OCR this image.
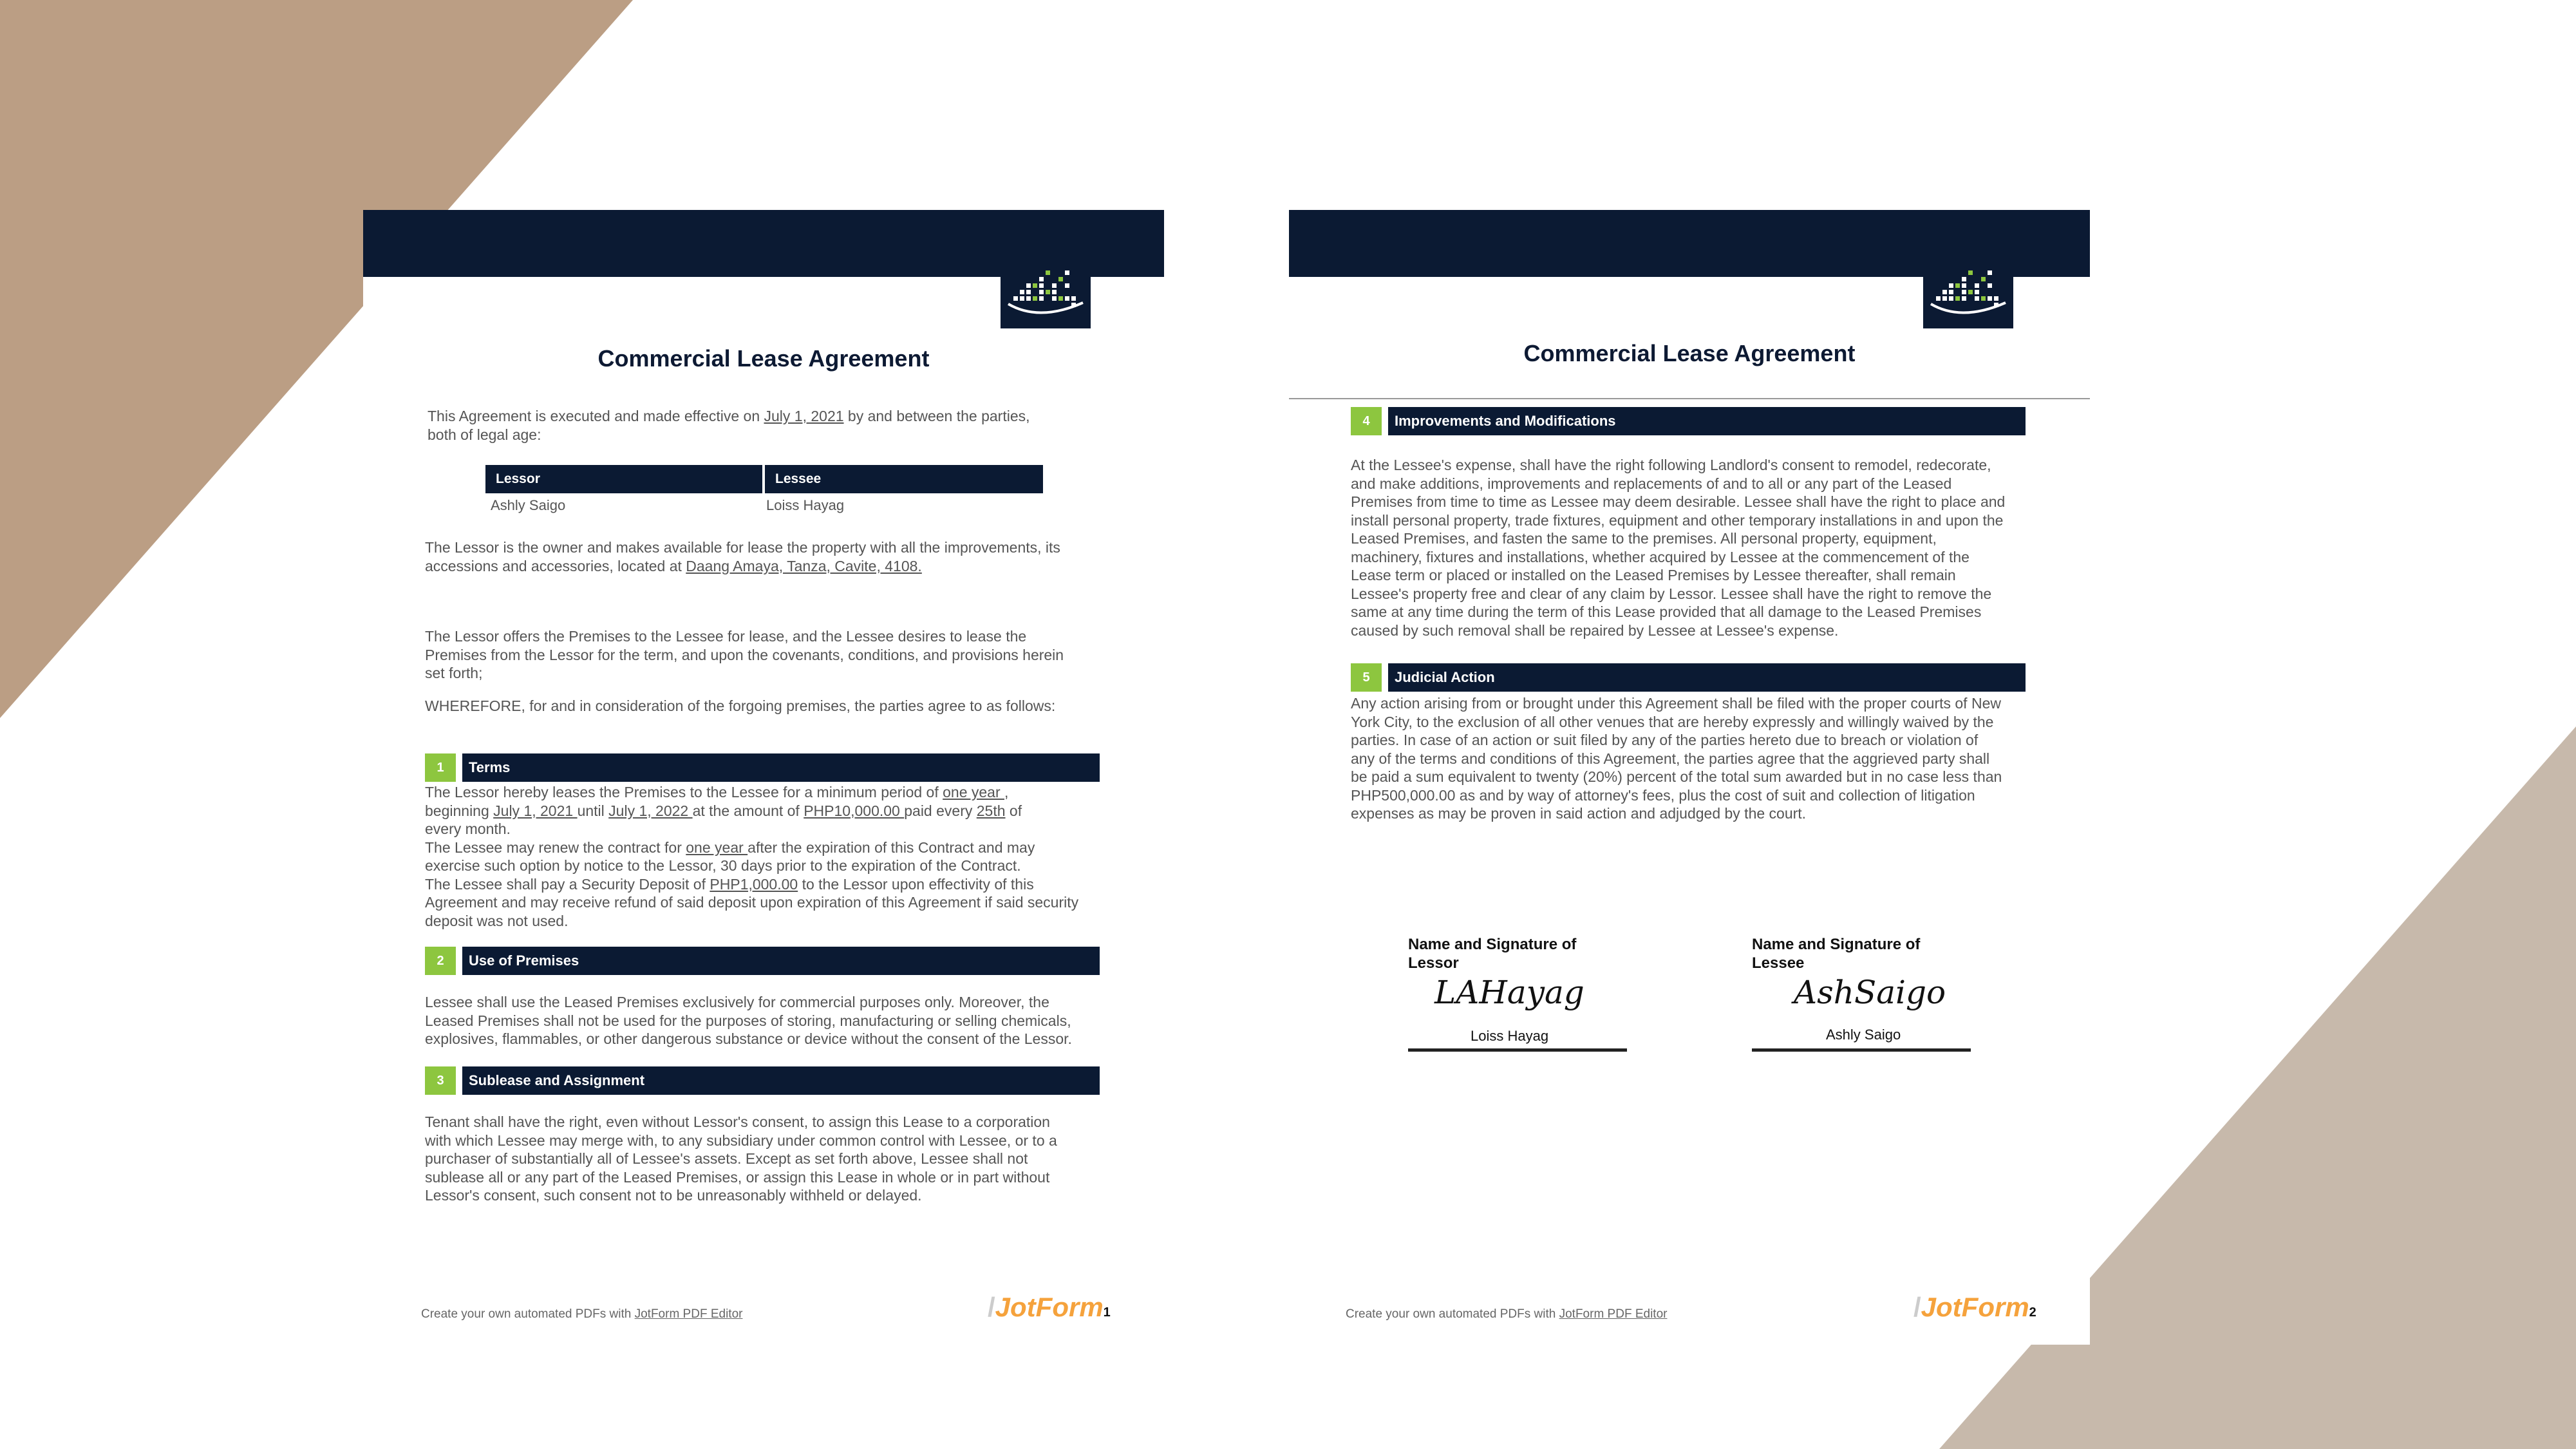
Commercial Lease Agreement
This Agreement is executed and made effective on July 1, 2021 by and between the parties,
both of legal age:
Lessor	Lessee
Ashly Saigo	Loiss Hayag
The Lessor is the owner and makes available for lease the property with all the improvements, its
accessions and accessories, located at Daang Amaya, Tanza, Cavite, 4108.
The Lessor offers the Premises to the Lessee for lease, and the Lessee desires to lease the
Premises from the Lessor for the term, and upon the covenants, conditions, and provisions herein
set forth;
WHEREFORE, for and in consideration of the forgoing premises, the parties agree to as follows:
1	Terms
The Lessor hereby leases the Premises to the Lessee for a minimum period of one year ,
beginning July 1, 2021 until July 1, 2022 at the amount of PHP10,000.00 paid every 25th of
every month.
The Lessee may renew the contract for one year after the expiration of this Contract and may
exercise such option by notice to the Lessor, 30 days prior to the expiration of the Contract.
The Lessee shall pay a Security Deposit of PHP1,000.00 to the Lessor upon effectivity of this
Agreement and may receive refund of said deposit upon expiration of this Agreement if said security
deposit was not used.
2	Use of Premises
Lessee shall use the Leased Premises exclusively for commercial purposes only. Moreover, the
Leased Premises shall not be used for the purposes of storing, manufacturing or selling chemicals,
explosives, flammables, or other dangerous substance or device without the consent of the Lessor.
3	Sublease and Assignment
Tenant shall have the right, even without Lessor's consent, to assign this Lease to a corporation
with which Lessee may merge with, to any subsidiary under common control with Lessee, or to a
purchaser of substantially all of Lessee's assets. Except as set forth above, Lessee shall not
sublease all or any part of the Leased Premises, or assign this Lease in whole or in part without
Lessor's consent, such consent not to be unreasonably withheld or delayed.
Create your own automated PDFs with JotForm PDF Editor	/JotForm1
Commercial Lease Agreement
4	Improvements and Modifications
At the Lessee's expense, shall have the right following Landlord's consent to remodel, redecorate,
and make additions, improvements and replacements of and to all or any part of the Leased
Premises from time to time as Lessee may deem desirable. Lessee shall have the right to place and
install personal property, trade fixtures, equipment and other temporary installations in and upon the
Leased Premises, and fasten the same to the premises. All personal property, equipment,
machinery, fixtures and installations, whether acquired by Lessee at the commencement of the
Lease term or placed or installed on the Leased Premises by Lessee thereafter, shall remain
Lessee's property free and clear of any claim by Lessor. Lessee shall have the right to remove the
same at any time during the term of this Lease provided that all damage to the Leased Premises
caused by such removal shall be repaired by Lessee at Lessee's expense.
5	Judicial Action
Any action arising from or brought under this Agreement shall be filed with the proper courts of New
York City, to the exclusion of all other venues that are hereby expressly and willingly waived by the
parties. In case of an action or suit filed by any of the parties hereto due to breach or violation of
any of the terms and conditions of this Agreement, the parties agree that the aggrieved party shall
be paid a sum equivalent to twenty (20%) percent of the total sum awarded but in no case less than
PHP500,000.00 as and by way of attorney's fees, plus the cost of suit and collection of litigation
expenses as may be proven in said action and adjudged by the court.
Name and Signature of
Lessor
LAHayag
Loiss Hayag
Name and Signature of
Lessee
AshSaigo
Ashly Saigo
Create your own automated PDFs with JotForm PDF Editor	/JotForm2
